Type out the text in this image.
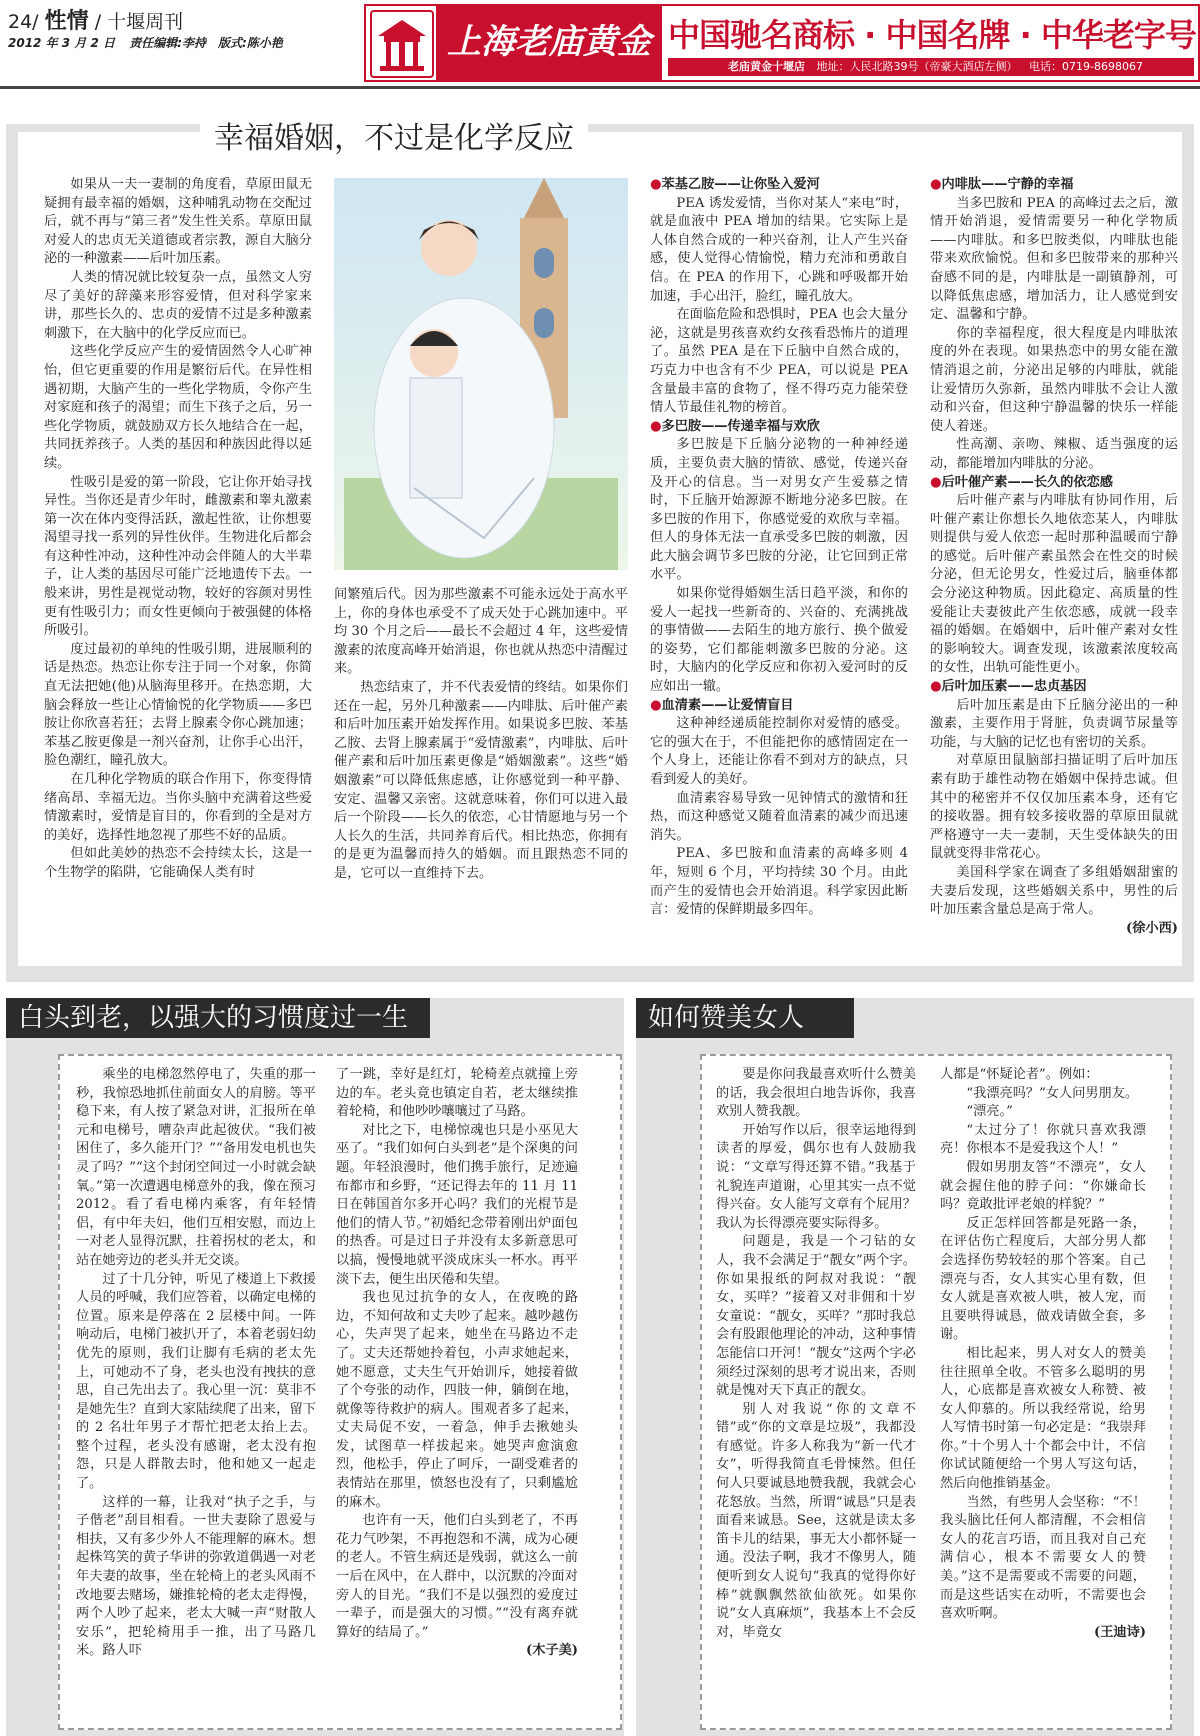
24/ 性情 / 十堰周刊
2012 年 3 月 2 日 责任编辑:李持　版式:陈小艳	上海老庙黄金 中国驰名商标 · 中国名牌 · 中华老字号
老庙黄金十堰店 地址：人民北路39号（帝豪大酒店左侧） 电话：0719-8698067
幸福婚姻，不过是化学反应

如果从一夫一妻制的角度看，草原田鼠无疑拥有最幸福的婚姻，这种哺乳动物在交配过后，就不再与“第三者”发生性关系。草原田鼠对爱人的忠贞无关道德或者宗教，源自大脑分泌的一种激素——后叶加压素。

人类的情况就比较复杂一点，虽然文人穷尽了美好的辞藻来形容爱情，但对科学家来讲，那些长久的、忠贞的爱情不过是多种激素刺激下，在大脑中的化学反应而已。

这些化学反应产生的爱情固然令人心旷神怡，但它更重要的作用是繁衍后代。在异性相遇初期，大脑产生的一些化学物质，令你产生对家庭和孩子的渴望；而生下孩子之后，另一些化学物质，就鼓励双方长久地结合在一起，共同抚养孩子。人类的基因和种族因此得以延续。

性吸引是爱的第一阶段，它让你开始寻找异性。当你还是青少年时，雌激素和睾丸激素第一次在体内变得活跃，激起性欲，让你想要渴望寻找一系列的异性伙伴。生物进化后都会有这种性冲动，这种性冲动会伴随人的大半辈子，让人类的基因尽可能广泛地遗传下去。一般来讲，男性是视觉动物，较好的容颜对男性更有性吸引力；而女性更倾向于被强健的体格所吸引。

度过最初的单纯的性吸引期，进展顺利的话是热恋。热恋让你专注于同一个对象，你简直无法把她(他)从脑海里移开。在热恋期，大脑会释放一些让心情愉悦的化学物质——多巴胺让你欣喜若狂；去肾上腺素令你心跳加速；苯基乙胺更像是一剂兴奋剂，让你手心出汗，脸色潮红，瞳孔放大。

在几种化学物质的联合作用下，你变得情绪高昂、幸福无边。当你头脑中充满着这些爱情激素时，爱情是盲目的，你看到的全是对方的美好，选择性地忽视了那些不好的品质。

但如此美妙的热恋不会持续太长，这是一个生物学的陷阱，它能确保人类有时

间繁殖后代。因为那些激素不可能永远处于高水平上，你的身体也承受不了成天处于心跳加速中。平均 30 个月之后——最长不会超过 4 年，这些爱情激素的浓度高峰开始消退，你也就从热恋中清醒过来。

热恋结束了，并不代表爱情的终结。如果你们还在一起，另外几种激素——内啡肽、后叶催产素和后叶加压素开始发挥作用。如果说多巴胺、苯基乙胺、去肾上腺素属于“爱情激素”，内啡肽、后叶催产素和后叶加压素更像是“婚姻激素”。这些“婚姻激素”可以降低焦虑感，让你感觉到一种平静、安定、温馨又亲密。这就意味着，你们可以进入最后一个阶段——长久的依恋，心甘情愿地与另一个人长久的生活，共同养育后代。相比热恋，你拥有的是更为温馨而持久的婚姻。而且跟热恋不同的是，它可以一直维持下去。

●苯基乙胺——让你坠入爱河

PEA 诱发爱情，当你对某人“来电”时，就是血液中 PEA 增加的结果。它实际上是人体自然合成的一种兴奋剂，让人产生兴奋感，使人觉得心情愉悦，精力充沛和勇敢自信。在 PEA 的作用下，心跳和呼吸都开始加速，手心出汗，脸红，瞳孔放大。

在面临危险和恐惧时，PEA 也会大量分泌，这就是男孩喜欢约女孩看恐怖片的道理了。虽然 PEA 是在下丘脑中自然合成的，巧克力中也含有不少 PEA，可以说是 PEA 含量最丰富的食物了，怪不得巧克力能荣登情人节最佳礼物的榜首。

●多巴胺——传递幸福与欢欣

多巴胺是下丘脑分泌物的一种神经递质，主要负责大脑的情欲、感觉，传递兴奋及开心的信息。当一对男女产生爱慕之情时，下丘脑开始源源不断地分泌多巴胺。在多巴胺的作用下，你感觉爱的欢欣与幸福。但人的身体无法一直承受多巴胺的刺激，因此大脑会调节多巴胺的分泌，让它回到正常水平。

如果你觉得婚姻生活日趋平淡，和你的爱人一起找一些新奇的、兴奋的、充满挑战的事情做——去陌生的地方旅行、换个做爱的姿势，它们都能刺激多巴胺的分泌。这时，大脑内的化学反应和你初入爱河时的反应如出一辙。

●血清素——让爱情盲目

这种神经递质能控制你对爱情的感受。它的强大在于，不但能把你的感情固定在一个人身上，还能让你看不到对方的缺点，只看到爱人的美好。

血清素容易导致一见钟情式的激情和狂热，而这种感觉又随着血清素的减少而迅速消失。

PEA、多巴胺和血清素的高峰多则 4 年，短则 6 个月，平均持续 30 个月。由此而产生的爱情也会开始消退。科学家因此断言：爱情的保鲜期最多四年。

●内啡肽——宁静的幸福

当多巴胺和 PEA 的高峰过去之后，激情开始消退，爱情需要另一种化学物质——内啡肽。和多巴胺类似，内啡肽也能带来欢欣愉悦。但和多巴胺带来的那种兴奋感不同的是，内啡肽是一副镇静剂，可以降低焦虑感，增加活力，让人感觉到安定、温馨和宁静。

你的幸福程度，很大程度是内啡肽浓度的外在表现。如果热恋中的男女能在激情消退之前，分泌出足够的内啡肽，就能让爱情历久弥新，虽然内啡肽不会让人激动和兴奋，但这种宁静温馨的快乐一样能使人着迷。

性高潮、亲吻、辣椒、适当强度的运动，都能增加内啡肽的分泌。

●后叶催产素——长久的依恋感

后叶催产素与内啡肽有协同作用，后叶催产素让你想长久地依恋某人，内啡肽则提供与爱人依恋一起时那种温暖而宁静的感觉。后叶催产素虽然会在性交的时候分泌，但无论男女，性爱过后，脑垂体都会分泌这种物质。因此稳定、高质量的性爱能让夫妻彼此产生依恋感，成就一段幸福的婚姻。在婚姻中，后叶催产素对女性的影响较大。调查发现，该激素浓度较高的女性，出轨可能性更小。

●后叶加压素——忠贞基因

后叶加压素是由下丘脑分泌出的一种激素，主要作用于肾脏，负责调节尿量等功能，与大脑的记忆也有密切的关系。

对草原田鼠脑部扫描证明了后叶加压素有助于雄性动物在婚姻中保持忠诚。但其中的秘密并不仅仅加压素本身，还有它的接收器。拥有较多接收器的草原田鼠就严格遵守一夫一妻制，天生受体缺失的田鼠就变得非常花心。

美国科学家在调查了多组婚姻甜蜜的夫妻后发现，这些婚姻关系中，男性的后叶加压素含量总是高于常人。

(徐小西)
白头到老，以强大的习惯度过一生

乘坐的电梯忽然停电了，失重的那一秒，我惊恐地抓住前面女人的肩膀。等平稳下来，有人按了紧急对讲，汇报所在单元和电梯号，嘈杂声此起彼伏。“我们被困住了，多久能开门？”“备用发电机也失灵了吗？”“这个封闭空间过一小时就会缺氧。”第一次遭遇电梯意外的我，像在预习 2012。看了看电梯内乘客，有年轻情侣，有中年夫妇，他们互相安慰，而边上一对老人显得沉默，拄着拐杖的老太，和站在她旁边的老头并无交谈。

过了十几分钟，听见了楼道上下救援人员的呼喊，我们应答着，以确定电梯的位置。原来是停落在 2 层楼中间。一阵响动后，电梯门被扒开了，本着老弱妇幼优先的原则，我们让脚有毛病的老太先上，可她动不了身，老头也没有拽扶的意思，自己先出去了。我心里一沉：莫非不是她先生？直到大家陆续爬了出来，留下的 2 名壮年男子才帮忙把老太抬上去。整个过程，老头没有感谢，老太没有抱怨，只是人群散去时，他和她又一起走了。

这样的一幕，让我对“执子之手，与子偕老”刮目相看。一世夫妻除了恩爱与相扶，又有多少外人不能理解的麻木。想起株笃笑的黄子华讲的弥敦道偶遇一对老年夫妻的故事，坐在轮椅上的老头风雨不改地要去赌场，嫌推轮椅的老太走得慢，两个人吵了起来，老太大喊一声“财散人安乐”，把轮椅用手一推，出了马路几米。路人吓

了一跳，幸好是红灯，轮椅差点就撞上旁边的车。老头竟也镇定自若，老太继续推着轮椅，和他吵吵嚷嚷过了马路。

对比之下，电梯惊魂也只是小巫见大巫了。“我们如何白头到老”是个深奥的问题。年轻浪漫时，他们携手旅行，足迹遍布都市和乡野，“还记得去年的 11 月 11 日在韩国首尔多开心吗？我们的光棍节是他们的情人节。”初婚纪念带着刚出炉面包的热香。可是过日子并没有太多新意思可以搞，慢慢地就平淡成床头一杯水。再平淡下去，便生出厌倦和失望。

我也见过抗争的女人，在夜晚的路边，不知何故和丈夫吵了起来。越吵越伤心，失声哭了起来，她坐在马路边不走了。丈夫还帮她拎着包，小声求她起来，她不愿意，丈夫生气开始训斥，她接着做了个夸张的动作，四肢一伸，躺倒在地，就像等待救护的病人。围观者多了起来，丈夫局促不安，一着急，伸手去揪她头发，试图草一样拔起来。她哭声愈演愈烈，他松手，停止了呵斥，一副受难者的表情站在那里，愤怒也没有了，只剩尴尬的麻木。

也许有一天，他们白头到老了，不再花力气吵架，不再抱怨和不满，成为心硬的老人。不管生病还是残弱，就这么一前一后在风中，在人群中，以沉默的冷面对旁人的目光。“我们不是以强烈的爱度过一辈子，而是强大的习惯。”“没有离弃就算好的结局了。”

(木子美)
如何赞美女人

要是你问我最喜欢听什么赞美的话，我会很坦白地告诉你，我喜欢别人赞我靓。

开始写作以后，很幸运地得到读者的厚爱，偶尔也有人鼓励我说：“文章写得还算不错。”我基于礼貌连声道谢，心里其实一点不觉得兴奋。女人能写文章有个屁用？我认为长得漂亮要实际得多。

问题是，我是一个刁钻的女人，我不会满足于“靓女”两个字。你如果报纸的阿叔对我说：“靓女，买咩？”接着又对非佣和十岁女童说：“靓女，买咩？”那时我总会有股跟他理论的冲动，这种事情怎能信口开河！“靓女”这两个字必须经过深刻的思考才说出来，否则就是愧对天下真正的靓女。

别人对我说“你的文章不错”或“你的文章是垃圾”，我都没有感觉。许多人称我为“新一代才女”，听得我简直毛骨悚然。但任何人只要诚恳地赞我靓，我就会心花怒放。当然，所谓“诚恳”只是表面看来诚恳。See，这就是读太多笛卡儿的结果，事无大小都怀疑一通。没法子啊，我才不像男人，随便听到女人说句“我真的觉得你好棒”就飘飘然欲仙欲死。如果你说“女人真麻烦”，我基本上不会反对，毕竟女

人都是“怀疑论者”。例如：

“我漂亮吗？”女人问男朋友。

“漂亮。”

“太过分了！你就只喜欢我漂亮！你根本不是爱我这个人！”

假如男朋友答“不漂亮”，女人就会握住他的脖子问：“你嫌命长吗？竟敢批评老娘的样貌？”

反正怎样回答都是死路一条，在评估伤亡程度后，大部分男人都会选择伤势较轻的那个答案。自己漂亮与否，女人其实心里有数，但女人就是喜欢被人哄，被人宠，而且要哄得诚恳，做戏请做全套，多谢。

相比起来，男人对女人的赞美往往照单全收。不管多么聪明的男人，心底都是喜欢被女人称赞、被女人仰慕的。所以我经常说，给男人写情书时第一句必定是：“我崇拜你。”十个男人十个都会中计，不信你试试随便给一个男人写这句话，然后向他推销基金。

当然，有些男人会坚称：“不！我头脑比任何人都清醒，不会相信女人的花言巧语，而且我对自己充满信心，根本不需要女人的赞美。”这不是需要或不需要的问题，而是这些话实在动听，不需要也会喜欢听啊。

(王迪诗)
